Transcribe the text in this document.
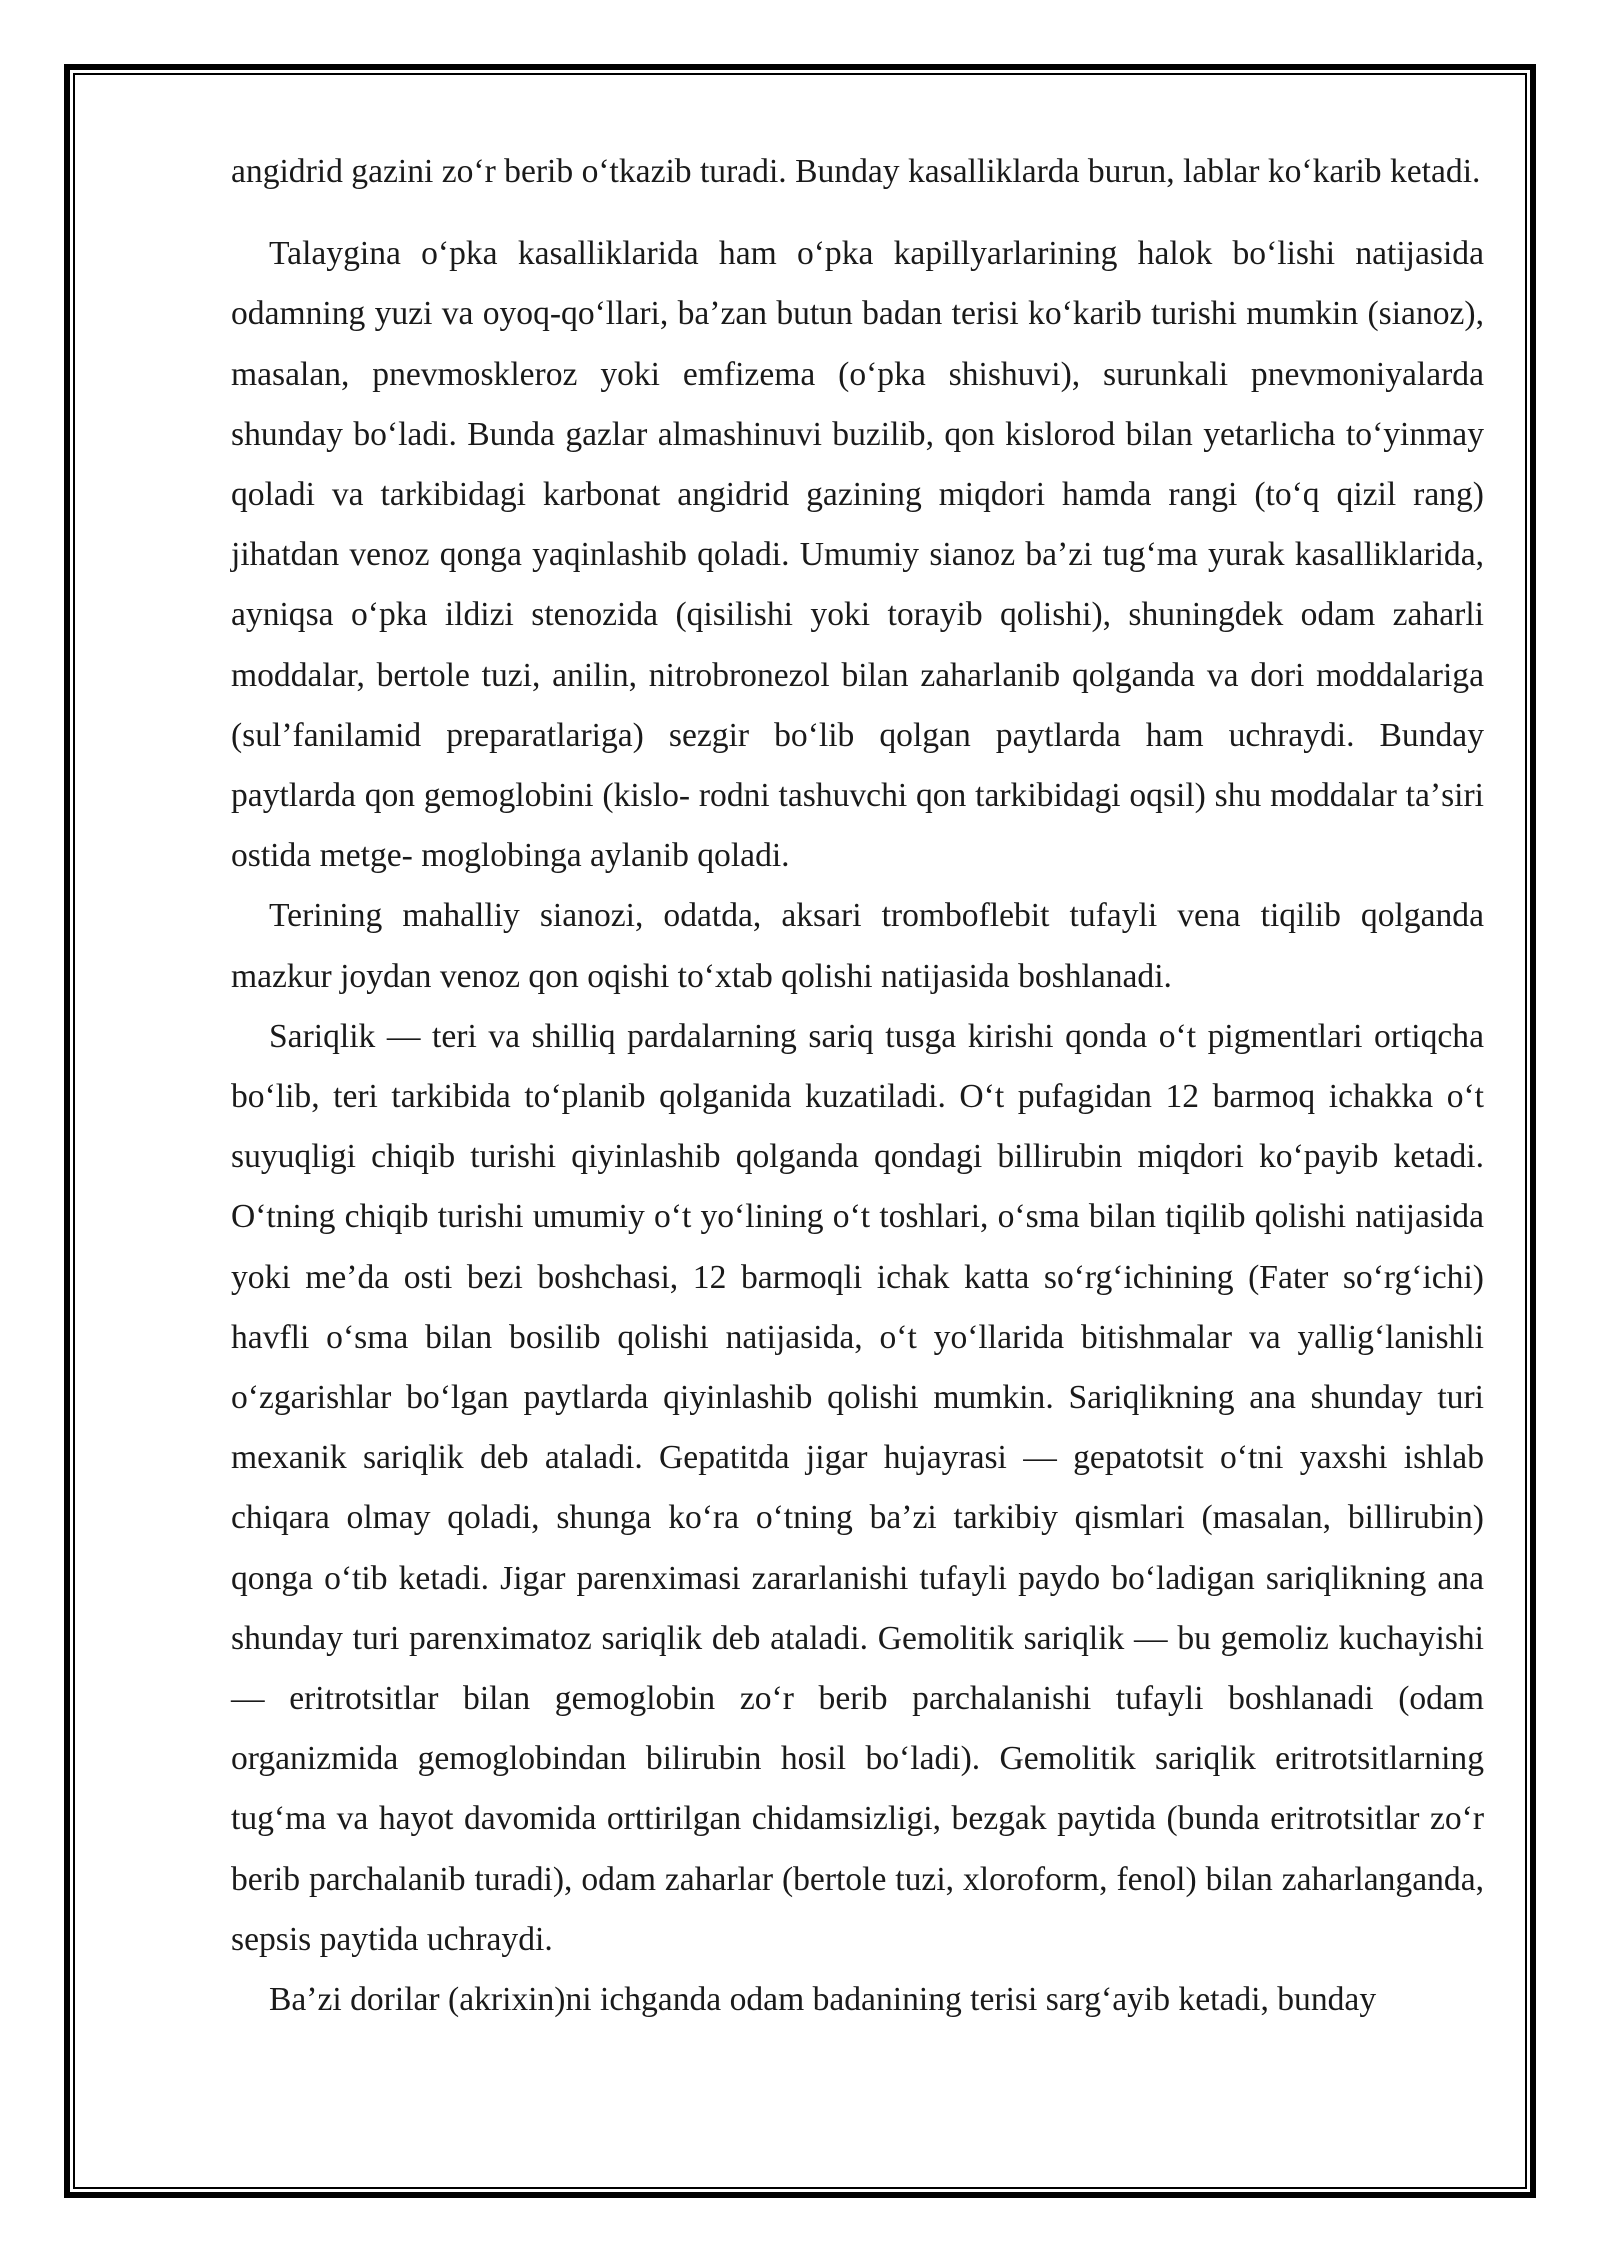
angidrid gazini zoʻr berib oʻtkazib turadi. Bunday kasalliklarda burun, lablar koʻkarib ketadi.

Talaygina oʻpka kasalliklarida ham oʻpka kapillyarlarining halok boʻlishi natijasida odamning yuzi va oyoq-qoʻllari, baʼzan butun badan terisi koʻkarib turishi mumkin (sianoz), masalan, pnevmoskleroz yoki emfizema (oʻpka shishuvi), surunkali pnevmoniyalarda shunday boʻladi. Bunda gazlar almashinuvi buzilib, qon kislorod bilan yetarlicha toʻyinmay qoladi va tarkibidagi karbonat angidrid gazining miqdori hamda rangi (toʻq qizil rang) jihatdan venoz qonga yaqinlashib qoladi. Umumiy sianoz baʼzi tugʻma yurak kasalliklarida, ayniqsa oʻpka ildizi stenozida (qisilishi yoki torayib qolishi), shuningdek odam zaharli moddalar, bertole tuzi, anilin, nitrobronezol bilan zaharlanib qolganda va dori moddalariga (sulʼfanilamid preparatlariga) sezgir boʻlib qolgan paytlarda ham uchraydi. Bunday paytlarda qon gemoglobini (kislo- rodni tashuvchi qon tarkibidagi oqsil) shu moddalar taʼsiri ostida metge- moglobinga aylanib qoladi.

Terining mahalliy sianozi, odatda, aksari tromboflebit tufayli vena tiqilib qolganda mazkur joydan venoz qon oqishi toʻxtab qolishi natijasida boshlanadi.

Sariqlik — teri va shilliq pardalarning sariq tusga kirishi qonda oʻt pigmentlari ortiqcha boʻlib, teri tarkibida toʻplanib qolganida kuzatiladi. Oʻt pufagidan 12 barmoq ichakka oʻt suyuqligi chiqib turishi qiyinlashib qolganda qondagi billirubin miqdori koʻpayib ketadi. Oʻtning chiqib turishi umumiy oʻt yoʻlining oʻt toshlari, oʻsma bilan tiqilib qolishi natijasida yoki meʼda osti bezi boshchasi, 12 barmoqli ichak katta soʻrgʻichining (Fater soʻrgʻichi) havfli oʻsma bilan bosilib qolishi natijasida, oʻt yoʻllarida bitishmalar va yalligʻlanishli oʻzgarishlar boʻlgan paytlarda qiyinlashib qolishi mumkin. Sariqlikning ana shunday turi mexanik sariqlik deb ataladi. Gepatitda jigar hujayrasi — gepatotsit oʻtni yaxshi ishlab chiqara olmay qoladi, shunga koʻra oʻtning baʼzi tarkibiy qismlari (masalan, billirubin) qonga oʻtib ketadi. Jigar parenximasi zararlanishi tufayli paydo boʻladigan sariqlikning ana shunday turi parenximatoz sariqlik deb ataladi. Gemolitik sariqlik — bu gemoliz kuchayishi — eritrotsitlar bilan gemoglobin zoʻr berib parchalanishi tufayli boshlanadi (odam organizmida gemoglobindan bilirubin hosil boʻladi). Gemolitik sariqlik eritrotsitlarning tugʻma va hayot davomida orttirilgan chidamsizligi, bezgak paytida (bunda eritrotsitlar zoʻr berib parchalanib turadi), odam zaharlar (bertole tuzi, xloroform, fenol) bilan zaharlanganda, sepsis paytida uchraydi.

Baʼzi dorilar (akrixin)ni ichganda odam badanining terisi sargʻayib ketadi, bunday
